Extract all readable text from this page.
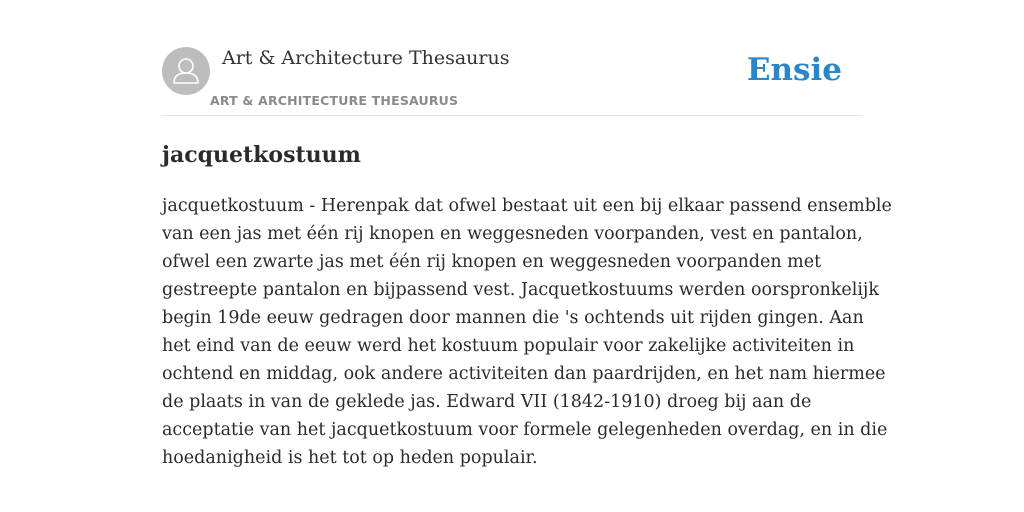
Art & Architecture Thesaurus
ART & ARCHITECTURE THESAURUS
Ensie
jacquetkostuum
jacquetkostuum - Herenpak dat ofwel bestaat uit een bij elkaar passend ensemble
van een jas met één rij knopen en weggesneden voorpanden, vest en pantalon,
ofwel een zwarte jas met één rij knopen en weggesneden voorpanden met
gestreepte pantalon en bijpassend vest. Jacquetkostuums werden oorspronkelijk
begin 19de eeuw gedragen door mannen die 's ochtends uit rijden gingen. Aan
het eind van de eeuw werd het kostuum populair voor zakelijke activiteiten in
ochtend en middag, ook andere activiteiten dan paardrijden, en het nam hiermee
de plaats in van de geklede jas. Edward VII (1842-1910) droeg bij aan de
acceptatie van het jacquetkostuum voor formele gelegenheden overdag, en in die
hoedanigheid is het tot op heden populair.
